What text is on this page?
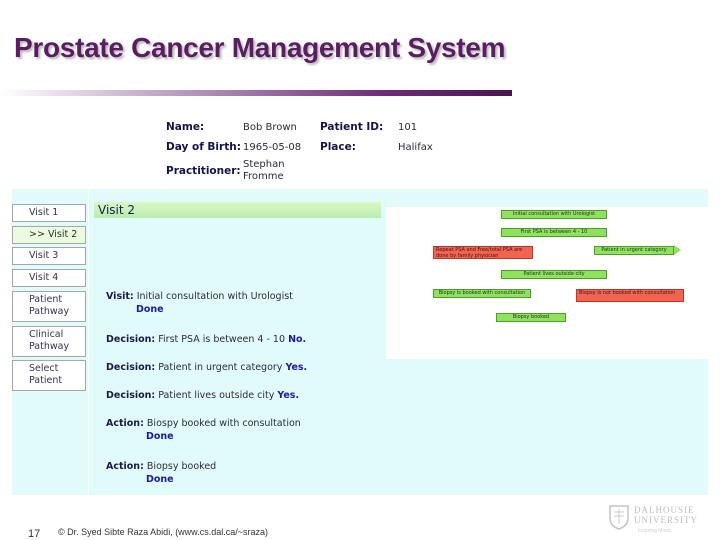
Prostate Cancer Management System
Name:	Bob Brown Patient ID: 101
Day of Birth: 1965-05-08 Place:	Halifax
Practitioner:
Stephan
Fromme
Visit 1
>> Visit 2
Visit 3
Visit 4
Patient
Pathway
Clinical
Pathway
Select
Patient
Visit 2	Initial consultation with Urologist
First PSA is between 4 - 10
Repeat PSA and Free/total PSA are done by family physician
Patient in urgent category
Patient lives outside city
Biopsy is booked with consultation	Biopsy is not booked with consultation
Biopsy booked
Visit: Initial consultation with Urologist
Done
Decision: First PSA is between 4 - 10 No.
Decision: Patient in urgent category Yes.
Decision: Patient lives outside city Yes.
Action: Biospy booked with consultation
Done
Action: Biopsy booked
Done
17 © Dr. Syed Sibte Raza Abidi, (www.cs.dal.ca/~sraza)
DALHOUSIE
UNIVERSITY
Inspiring Minds
